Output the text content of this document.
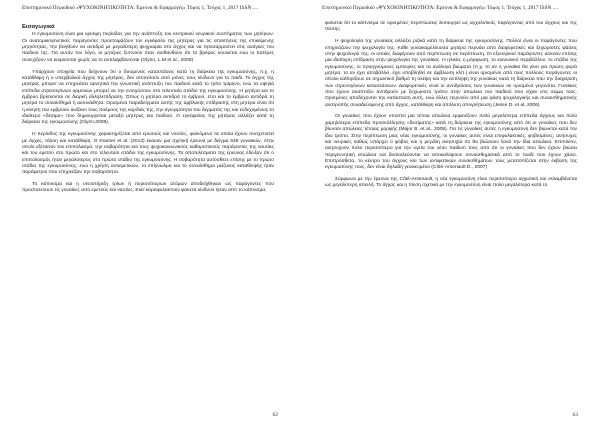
Επιστημονικό Περιοδικό «ΨΥΧΟΚΙΝΗΤΙΚΟΤΗΤΑ: Έρευνα & Εφαρμογές» Τόμος 1, Τεύχος 1, 2017 ISSN ....

Εισαγωγικά

Η εγκυμοσύνη είναι μια κρίσιμη περίοδος για την ανάπτυξη του κεντρικού νευρικού συστήματος των μητέρων. Οι ανατομικογενετικές παράγοντες προετοιμάζουν τον εγκέφαλο της μητέρας για τις απαιτήσεις της επικείμενης μητρότητας, την βοηθούν να αντιδρά με μεγαλύτερη ψυχραιμία στο άγχος και να προσαρμοστεί στις ανάγκες του παιδιού της. Για αυτόν τον λόγο, οι μητέρες ξυπνούν όταν αισθανθούν ότι το βρέφος κουνιέται ενώ οι πατέρες συνεχίζουν να κοιμούνται χωρίς να το αντιλαμβάνονται (Glynn, L.M et al., 2008)

Υπάρχουν στοιχεία που δείχνουν ότι ο δυσμενείς καταστάσεις κατά τη διάρκεια της εγκυμοσύνης, π.χ. η κατάθλιψη ή ο υπερβολικό άγχος της μητέρας, δεν αποτελούν από μόνες τους κίνδυνο για το παιδί. Το άγχος της μητέρας μπορεί να επηρεάσει αρνητικά την γνωστική ανάπτυξη του παιδιού κατά το τρίτο τρίμηνο, ενώ τα υψηλά επίπεδα στρεσογόνων ορμονών μπορεί να την ενισχύσουν στο τελευταίο στάδιο της εγκυμοσύνης. Η μητέρα και το έμβρυο βρίσκονται σε διαρκή αλληλεπίδραση. Όπως η μητέρα αντιδρά το έμβρυο, έτσι και το έμβρυο αντιδρά τη μητέρα το συναίσθημά ή αισυνάιθητα. Ορισμένα παραδείγματα αυτής της αμβλυκής επίδρασης στη μητέρα είναι ότι η κίνηση του εμβρύου αυξάνει τους παλμούς της καρδιάς της, την αγωγιμότητα του δέρματός της και ενδεχομένως το ιδιαίτερο «δέσιμο» που δημιουργείται μεταξύ μητέρας και παιδιού. Ο εγκέφαλος της μητέρας αλλάζει κατά τη διάρκεια της εγκυμοσύνης (Glynn,2008).

Η περίοδος της εγκυμοσύνης χαρακτηρίζεται από ερωτούς και νουτίες, φαινόμενο τα οποία έχουν συσχετιστεί με άγχος, τάλση και κατάθλιψη. Ο Kramer et al. (2013) έκαναν μια σχετική έρευνα με δείγμα 648 γυναικών, στην οποίο εξέτασαν τον επιπολασμό, την σοβαρότητα και τους ψυχοκοινωνικούς καθοριστικούς παράγοντες της ναυτίας και του εμετού στο πρώτο και στο τελευταίο στάδιο της εγκυμοσύνης. Τα αποτελέσματα της έρευνας έδειξαν ότι ο επιπολασμός ήταν μεγαλύτερος στο πρώτο στάδιο της εγκυμοσύνης. Η σοβαρότητα αυτόσθετε επίσης με το πρώτο στάδιο της εγκυμοσύνης, ενώ η χρήση αντιεμετικών, το επίγνωλμα και το συναίσθημα μείζονος καταθλιψης ήταν παράμετροι που επηρεάζαν την σοβαρότητα.

Το κάπνισμα και η υποστήριξη τρίων ή περισσότερων ατόμων αποδείχθηκαν ως παράγοντες που προστατεύουν τις γυναίκες από εμετούς και ναυτίες. Εκεί καραφυλακτούν φακετά κίνδυνο ήσαν από το κάπνισμα,

62
Επιστημονικό Περιοδικό «ΨΥΧΟΚΙΝΗΤΙΚΟΤΗΤΑ: Έρευνα & Εφαρμογές» Τόμος 1, Τεύχος 1, 2017 ISSN ....

φαίνεται ότι το κάπνισμα σε ορισμένες περιπτώσεις λειτουργεί ως αγχολυτικός παράγοντας από του άγχους και της πίεσης.

Η ψυχολογία της γυναίκας αλλάζει ριζικά κατά τη διάρκεια της εγκυμοσύνης. Πολλοί είναι οι παράγοντες που επηρεάζουν την ψυχολογία της. Κάθε γυναικαμέλλουσα μητέρα περνάει από διαφορετικές και ξεχωριστές φάσεις στην ψυχολογία της, οι οποίες διαφέρουν από περίπτωση σε περίπτωση. Οι εξωτερικοί παράγοντες ασκούν επίσης μια ιδιαίτερη επίδραση στην ψυχολογία της γυναίκας. Η ηλικία, η μόρφωση, το κοινωνικό περιβάλλον, το στάδιο της εγκυμοσύνης, οι προηγούμενες εμπειρίες και τα ανάλογα βιώματα (π.χ. το αν η γυναίκα θα γίνει για πρώτη φορά μητέρα, το αν έχει αποβάλλει, έχει υποβληθεί σε άμβλωση κλπ.) είναι ορισμένοι από τους πολλούς παράγοντες οι οποίοι καθορίζουν σε σημαντικό βαθμό τη σκέψη και την αντίληψη της γυναίκας κατά τη διάρκεια που την διαχείριση των στρεσογόνων καταστάσεων. Διαφορετικές είναι οι αντιδράσεις των γυναικών σε ορισμένα γεγονότα. Γυναίκες που έχουν αναπτύξει αντιδρούν με ξεχωριστό τρόπο στην απώλεια του παιδιού που είχαν στο σώμα τους. Ορισμένες αποδέχονται την κατάσταση αυτή, ενώ άλλες περνούν από μια φάση ψυχολογικής και συναισθηματικής ανατροπής συναδεύομενης από άγχος, κατάθλιψη και απόλυτη απογοήτευση (Jesse D. et al, 2006)

Οι γυναίκες που έχουν υποστεί μια τέτοια απώλεια εμφανίζουν πολύ μεγαλύτερα επίπεδα άγχους και πολύ χαμηλότερα επίπεδα προσκόλλησης «δεσίματος» κατά τη διάρκεια της εγκυμοσύνης από ότι οι γυναίκες που δεν βίωσαν απώλειες τέτοιας μορφής (Major B. et al., 2009). Για τις γυναίκες αυτές η εγκυμοσύνη δεν βιώνεται κατά τον ίδιο τρόπο. Στην περίπτωση μιας νέας εγκυμοσύνης, οι γυναίκες αυτές είναι επιφυλακτικές, φοβισμένες, ανήσυχες και νευρικές καθώς υπάρχει ο φόβος και η μεγάλη ανησυχία ότι θα βιώσουν ξανά την ίδια απώλεια. Επιπλέον, ανησυχούν πολύ περισσότερο για την υγεία του νέου παιδιού τους από ότι οι γυναίκες που δεν έχουν βιώσει περιγεννητική απώλεια και δυσκολεύονται να αποκαλύψουν συναισθηματικά από το παιδί που έχουν χάσει. Επιπρόσθετα, το κέντρο του άγχους και των αντιφατικών συναισθημάτων τους μετατοπίζεται στην έκβαση της εγκυμοσύνης τους, δεν είναι δηλαδή γενικευμένο (Côté-Arsenault D., 2007)

Σύμφωνα με την έρευνα της Côté-Arsenault, η νέα εγκυμοσύνη είναι περισσότερο αγχωτική και εκλαμβάνεται ως μεγαλύτερη απειλή. Το άγχος και η πίεση σχετικά με την εγκυμοσύνη είναι πολύ μεγαλύτερα κατά το

63
